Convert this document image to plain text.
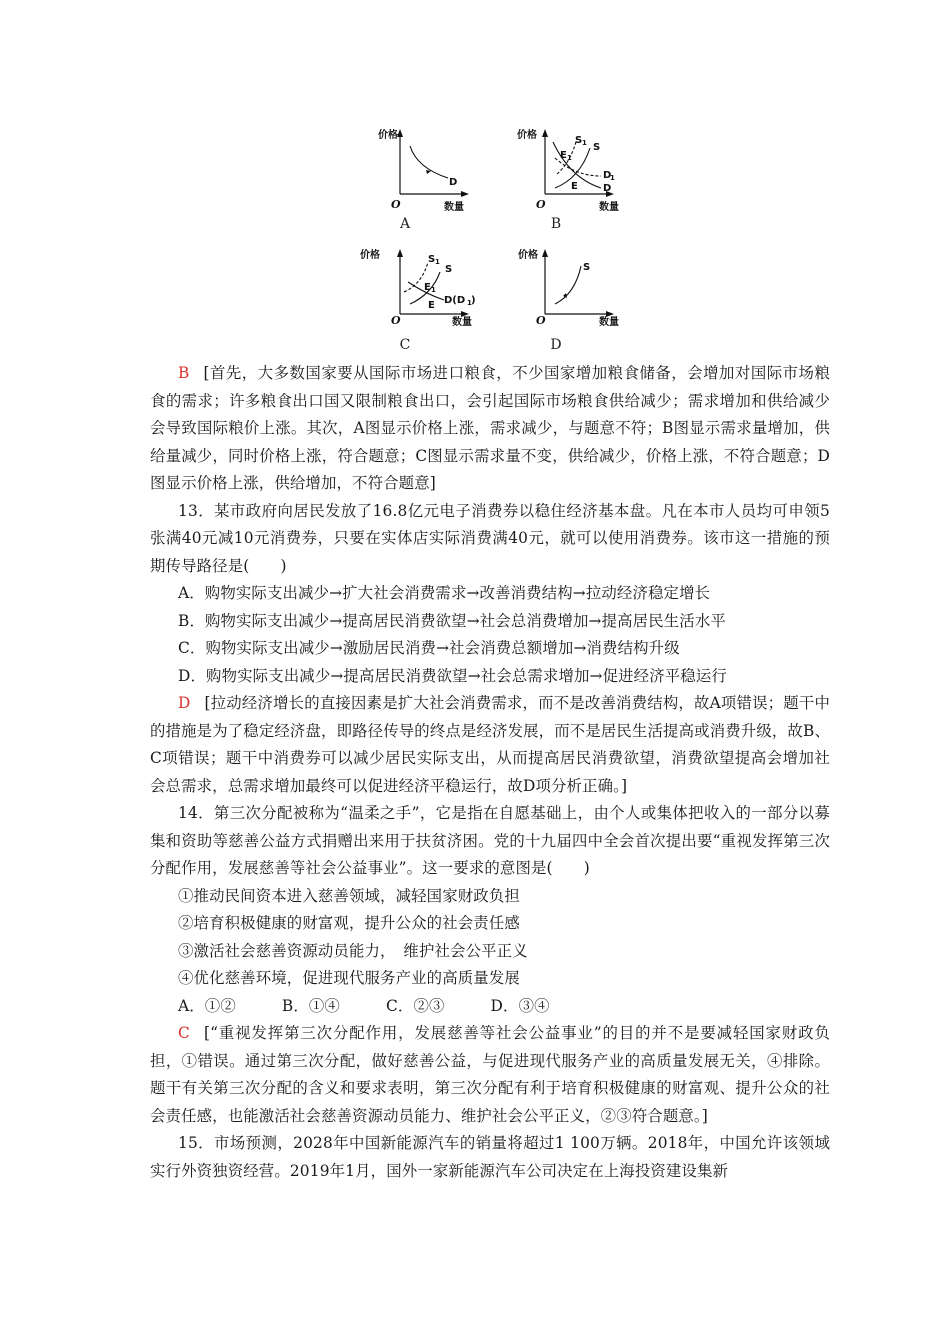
价格
数量
O
D
A
价格
数量
O
S 1 S
E 1
E	D
D
1
B
价格
数量
O
S 1
S
E 1
E D(D 1 )
C
价格
数量
O
S
D

B [首先，大多数国家要从国际市场进口粮食，不少国家增加粮食储备，会增加对国际市场粮食的需求；许多粮食出口国又限制粮食出口，会引起国际市场粮食供给减少；需求增加和供给减少会导致国际粮价上涨。其次，A图显示价格上涨，需求减少，与题意不符；B图显示需求量增加，供给量减少，同时价格上涨，符合题意；C图显示需求量不变，供给减少，价格上涨，不符合题意；D图显示价格上涨，供给增加，不符合题意]

13．某市政府向居民发放了16.8亿元电子消费券以稳住经济基本盘。凡在本市人员均可申领5张满40元减10元消费券，只要在实体店实际消费满40元，就可以使用消费券。该市这一措施的预期传导路径是(　　)

A．购物实际支出减少→扩大社会消费需求→改善消费结构→拉动经济稳定增长

B．购物实际支出减少→提高居民消费欲望→社会总消费增加→提高居民生活水平

C．购物实际支出减少→激励居民消费→社会消费总额增加→消费结构升级

D．购物实际支出减少→提高居民消费欲望→社会总需求增加→促进经济平稳运行

D [拉动经济增长的直接因素是扩大社会消费需求，而不是改善消费结构，故A项错误；题干中的措施是为了稳定经济盘，即路径传导的终点是经济发展，而不是居民生活提高或消费升级，故B、C项错误；题干中消费券可以减少居民实际支出，从而提高居民消费欲望，消费欲望提高会增加社会总需求，总需求增加最终可以促进经济平稳运行，故D项分析正确。]

14．第三次分配被称为“温柔之手”，它是指在自愿基础上，由个人或集体把收入的一部分以募集和资助等慈善公益方式捐赠出来用于扶贫济困。党的十九届四中全会首次提出要“重视发挥第三次分配作用，发展慈善等社会公益事业”。这一要求的意图是(　　)

①推动民间资本进入慈善领域，减轻国家财政负担

②培育积极健康的财富观，提升公众的社会责任感

③激活社会慈善资源动员能力，　维护社会公平正义

④优化慈善环境，促进现代服务产业的高质量发展

A．①②	B．①④	C．②③	D．③④

C [“重视发挥第三次分配作用，发展慈善等社会公益事业”的目的并不是要减轻国家财政负担，①错误。通过第三次分配，做好慈善公益，与促进现代服务产业的高质量发展无关，④排除。题干有关第三次分配的含义和要求表明，第三次分配有利于培育积极健康的财富观、提升公众的社会责任感，也能激活社会慈善资源动员能力、维护社会公平正义，②③符合题意。]

15．市场预测，2028年中国新能源汽车的销量将超过1 100万辆。2018年，中国允许该领域实行外资独资经营。2019年1月，国外一家新能源汽车公司决定在上海投资建设集新
